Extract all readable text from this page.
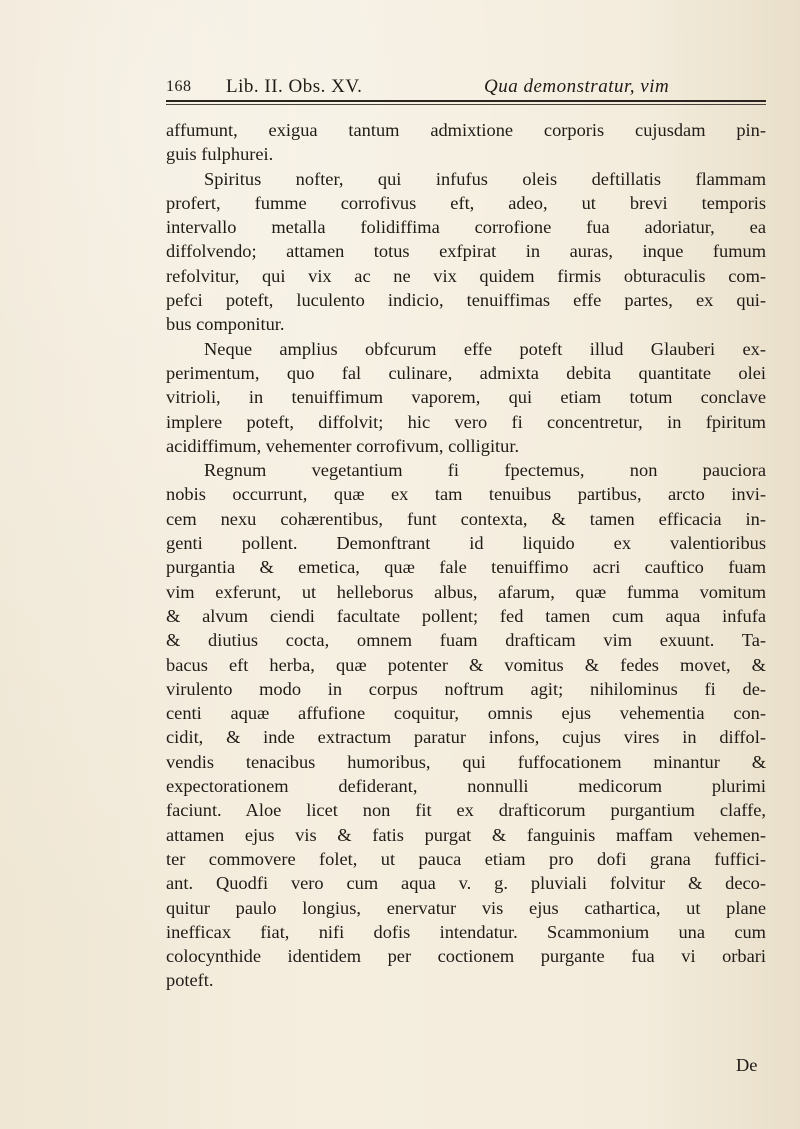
168 Lib. II. Obs. XV.	Qua demonstratur, vim
affumunt, exigua tantum admixtione corporis cujusdam pin-
guis fulphurei.
Spiritus nofter, qui infufus oleis deftillatis flammam
profert, fumme corrofivus eft, adeo, ut brevi temporis
intervallo metalla folidiffima corrofione fua adoriatur, ea
diffolvendo; attamen totus exfpirat in auras, inque fumum
refolvitur, qui vix ac ne vix quidem firmis obturaculis com-
pefci poteft, luculento indicio, tenuiffimas effe partes, ex qui-
bus componitur.
Neque amplius obfcurum effe poteft illud Glauberi ex-
perimentum, quo fal culinare, admixta debita quantitate olei
vitrioli, in tenuiffimum vaporem, qui etiam totum conclave
implere poteft, diffolvit; hic vero fi concentretur, in fpiritum
acidiffimum, vehementer corrofivum, colligitur.
Regnum vegetantium fi fpectemus, non pauciora
nobis occurrunt, quæ ex tam tenuibus partibus, arcto invi-
cem nexu cohærentibus, funt contexta, & tamen efficacia in-
genti pollent. Demonftrant id liquido ex valentioribus
purgantia & emetica, quæ fale tenuiffimo acri cauftico fuam
vim exferunt, ut helleborus albus, afarum, quæ fumma vomitum
& alvum ciendi facultate pollent; fed tamen cum aqua infufa
& diutius cocta, omnem fuam drafticam vim exuunt. Ta-
bacus eft herba, quæ potenter & vomitus & fedes movet, &
virulento modo in corpus noftrum agit; nihilominus fi de-
centi aquæ affufione coquitur, omnis ejus vehementia con-
cidit, & inde extractum paratur infons, cujus vires in diffol-
vendis tenacibus humoribus, qui fuffocationem minantur &
expectorationem defiderant, nonnulli medicorum plurimi
faciunt. Aloe licet non fit ex drafticorum purgantium claffe,
attamen ejus vis & fatis purgat & fanguinis maffam vehemen-
ter commovere folet, ut pauca etiam pro dofi grana fuffici-
ant. Quodfi vero cum aqua v. g. pluviali folvitur & deco-
quitur paulo longius, enervatur vis ejus cathartica, ut plane
inefficax fiat, nifi dofis intendatur. Scammonium una cum
colocynthide identidem per coctionem purgante fua vi orbari
poteft.
De
